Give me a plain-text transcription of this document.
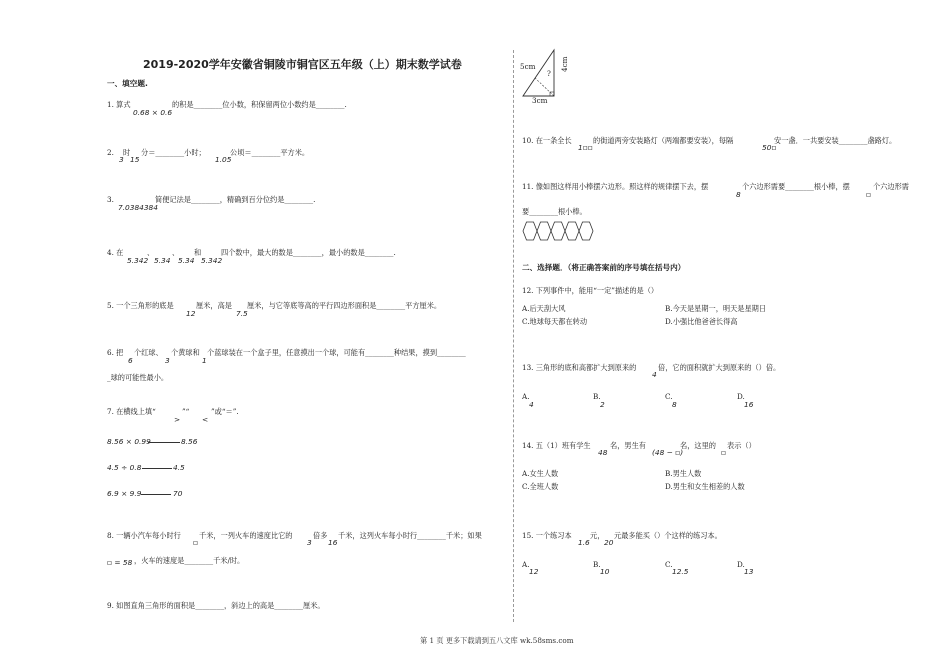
2019-2020学年安徽省铜陵市铜官区五年级（上）期末数学试卷
一、填空题.
1. 算式
0.68 × 0.6
的积是________位小数，积保留两位小数约是________.
2.
3
时
15
分＝________小时；
1.05
公顷＝________平方米。
3.
7.0384384
简便记法是________，精确到百分位约是________.
4. 在
5.342
、
5.34
、
5.34
和
5.342
四个数中，最大的数是________，最小的数是________.
5. 一个三角形的底是
12
厘米，高是
7.5
厘米，与它等底等高的平行四边形面积是________平方厘米。
6. 把
6
个红球、
3
个黄球和
1
个蓝球装在一个盒子里，任意摸出一个球，可能有________种结果，摸到________
_球的可能性最小。
7. 在横线上填“
>
”“
<
”或“＝”.
8.56 × 0.99	8.56
4.5 ÷ 0.8	4.5
6.9 × 9.9	70
8. 一辆小汽车每小时行
▫
千米，一列火车的速度比它的
3
倍多
16
千米，这列火车每小时行________千米；如果
▫ = 58 ，火车的速度是________千米/时。
9. 如图直角三角形的面积是________，斜边上的高是________厘米。
5cm
?
4cm
3cm
10. 在一条全长
1▫▫
的街道两旁安装路灯（两端都要安装），每隔
50▫
安一盏．一共要安装________盏路灯。
11. 像如图这样用小棒摆六边形。照这样的规律摆下去，摆
8
个六边形需要________根小棒，摆
▫
个六边形需
要________根小棒。
二、选择题．（将正确答案前的序号填在括号内）
12. 下列事件中，能用“一定”描述的是（）
A.后天刮大风	B.今天是星期一，明天是星期日
C.地球每天都在转动	D.小强比他爸爸长得高
13. 三角形的底和高都扩大到原来的
4
倍，它的面积就扩大到原来的（）倍。
A.
4
B.
2
C.
8
D.
16
14. 五（1）班有学生
48
名，男生有
(48 − ▫)
名，这里的
▫
表示（）
A.女生人数	B.男生人数
C.全班人数	D.男生和女生相差的人数
15. 一个练习本
1.6
元，
20
元最多能买（）个这样的练习本。
A.
12
B.
10
C.
12.5
D.
13
第 1 页 更多下载请到五八文库 wk.58sms.com
